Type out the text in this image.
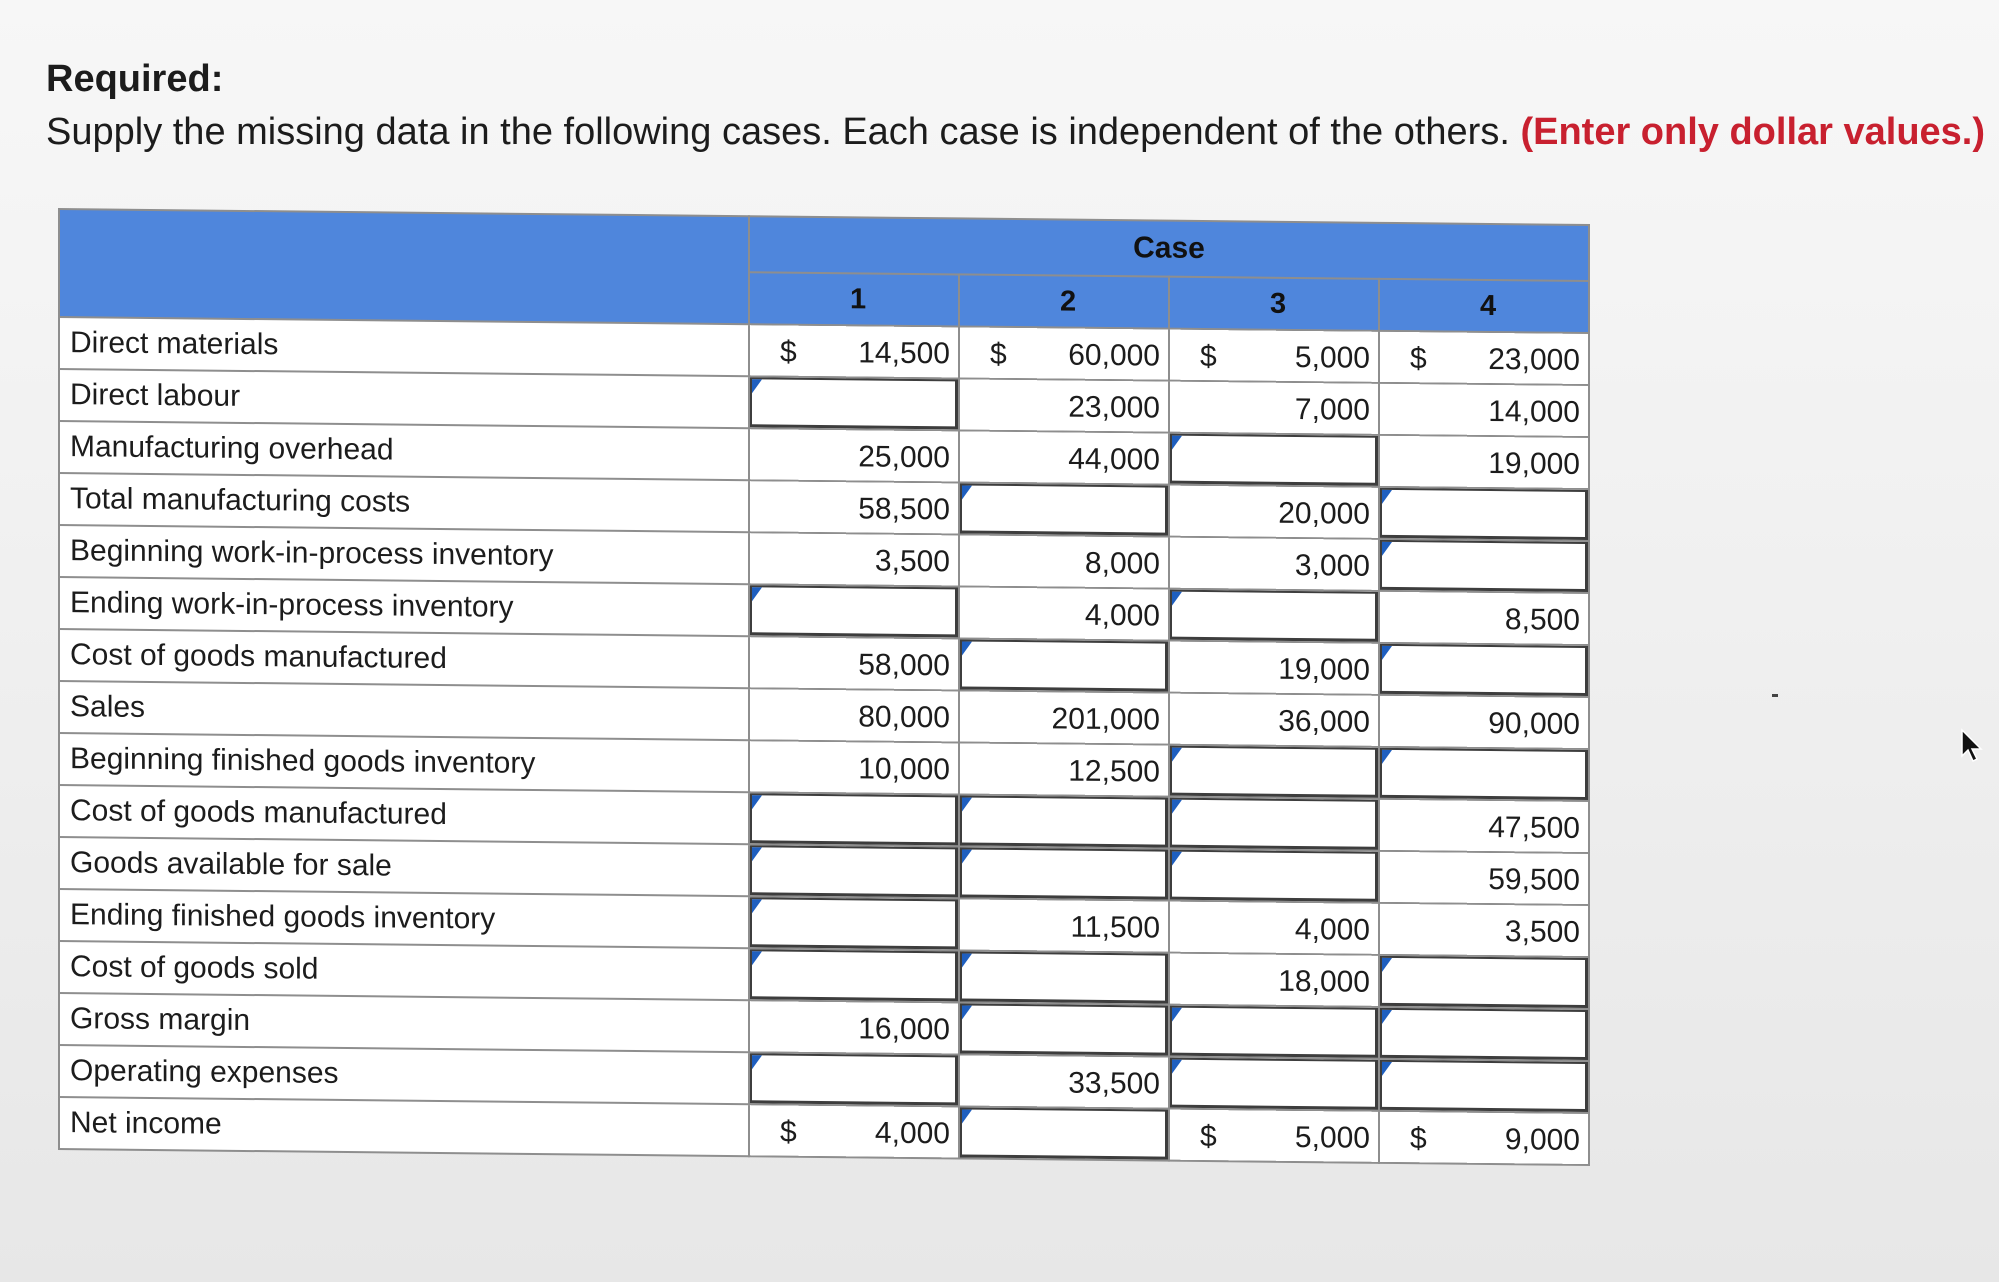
Required:

Supply the missing data in the following cases. Each case is independent of the others. (Enter only dollar values.)

	Case			
	1	2	3	4
Direct materials	$ 14,500	$ 60,000	$ 5,000	$ 23,000

Direct labour		23,000	7,000	14,000

Manufacturing overhead	25,000	44,000		19,000

Total manufacturing costs	58,500		20,000	

Beginning work-in-process inventory	3,500	8,000	3,000	

Ending work-in-process inventory		4,000		8,500

Cost of goods manufactured	58,000		19,000	

Sales	80,000	201,000	36,000	90,000

Beginning finished goods inventory	10,000	12,500		

Cost of goods manufactured				47,500

Goods available for sale				59,500

Ending finished goods inventory		11,500	4,000	3,500

Cost of goods sold			18,000	

Gross margin	16,000			

Operating expenses		33,500		

Net income	$ 4,000		$ 5,000	$ 9,000
